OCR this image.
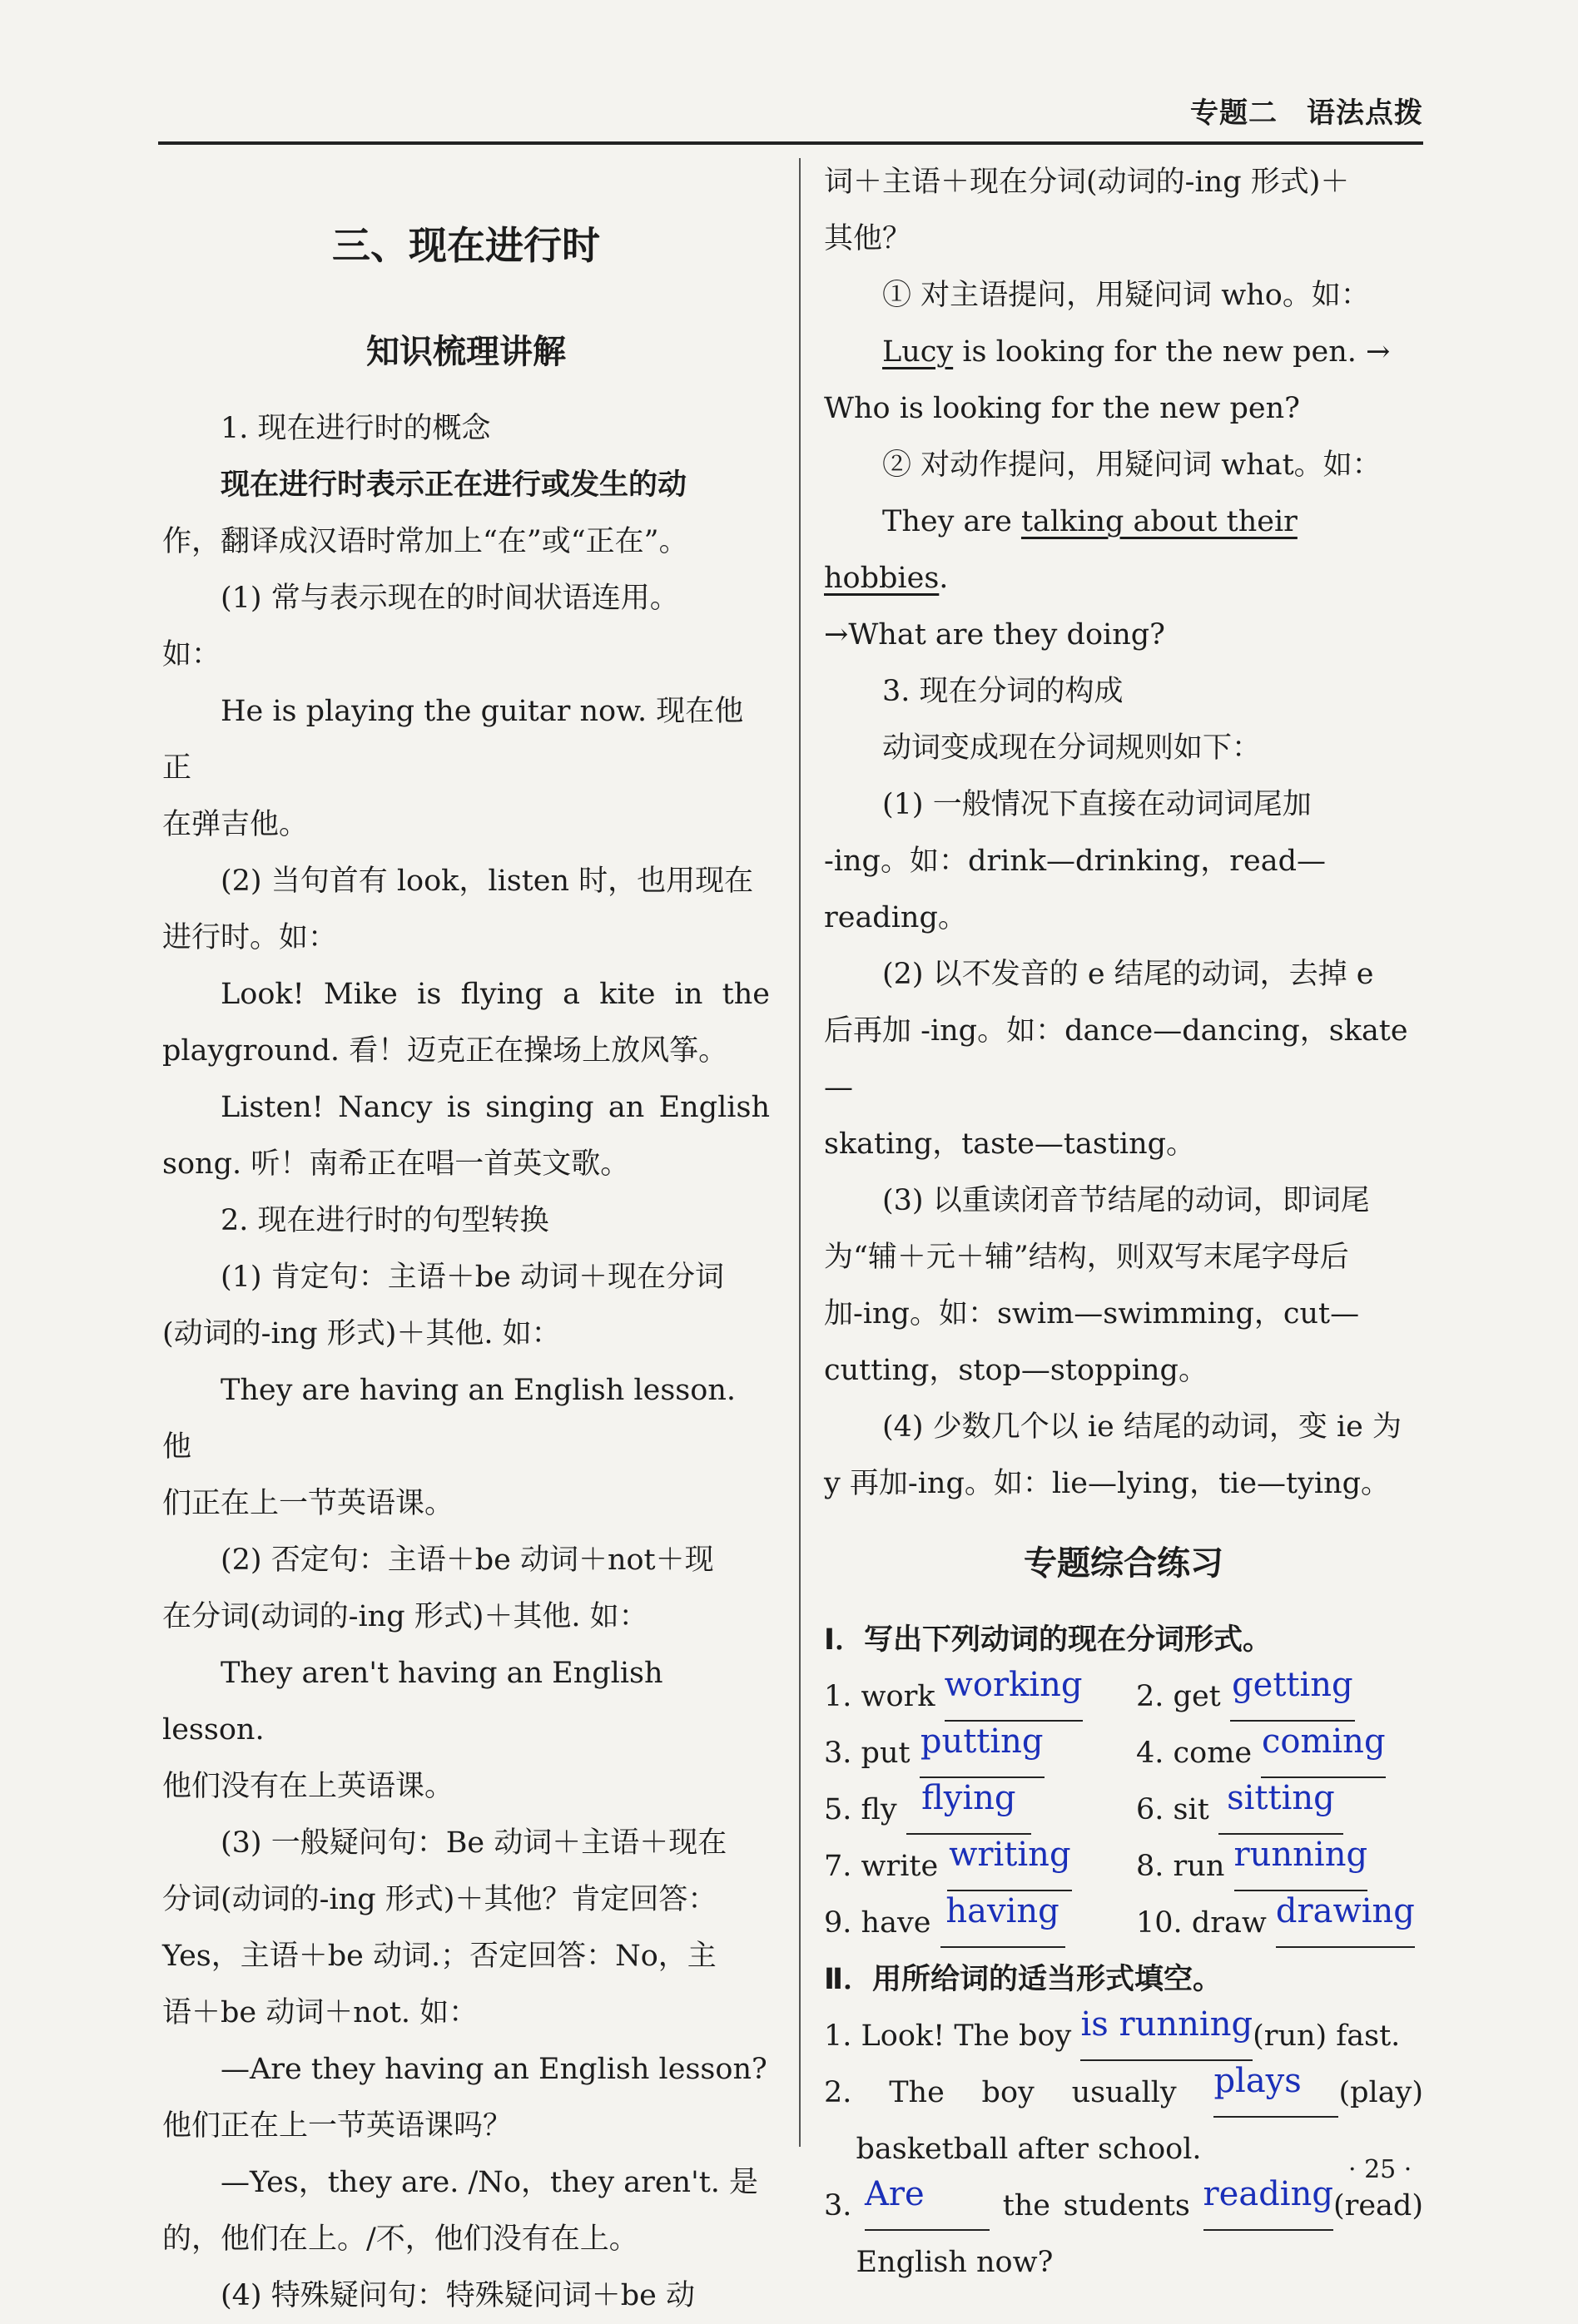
专题二　语法点拨

三、现在进行时

知识梳理讲解

1. 现在进行时的概念

现在进行时表示正在进行或发生的动

作，翻译成汉语时常加上“在”或“正在”。

(1) 常与表示现在的时间状语连用。

如：

He is playing the guitar now. 现在他正

在弹吉他。

(2) 当句首有 look，listen 时，也用现在

进行时。如：

Look! Mike is flying a kite in the

playground. 看！迈克正在操场上放风筝。

Listen! Nancy is singing an English

song. 听！南希正在唱一首英文歌。

2. 现在进行时的句型转换

(1) 肯定句：主语＋be 动词＋现在分词

(动词的-ing 形式)＋其他. 如：

They are having an English lesson. 他

们正在上一节英语课。

(2) 否定句：主语＋be 动词＋not＋现

在分词(动词的-ing 形式)＋其他. 如：

They aren't having an English lesson.

他们没有在上英语课。

(3) 一般疑问句：Be 动词＋主语＋现在

分词(动词的-ing 形式)＋其他？肯定回答：

Yes，主语＋be 动词.；否定回答：No，主

语＋be 动词＋not. 如：

—Are they having an English lesson?

他们正在上一节英语课吗？

—Yes，they are. /No，they aren't. 是

的，他们在上。/不，他们没有在上。

(4) 特殊疑问句：特殊疑问词＋be 动

词＋主语＋现在分词(动词的-ing 形式)＋

其他？

① 对主语提问，用疑问词 who。如：

Lucy is looking for the new pen. →

Who is looking for the new pen?

② 对动作提问，用疑问词 what。如：

They are talking about their hobbies.

→What are they doing?

3. 现在分词的构成

动词变成现在分词规则如下：

(1) 一般情况下直接在动词词尾加

-ing。如：drink—drinking，read—reading。

(2) 以不发音的 e 结尾的动词，去掉 e

后再加 -ing。如：dance—dancing，skate—

skating，taste—tasting。

(3) 以重读闭音节结尾的动词，即词尾

为“辅＋元＋辅”结构，则双写末尾字母后

加-ing。如：swim—swimming，cut—

cutting，stop—stopping。

(4) 少数几个以 ie 结尾的动词，变 ie 为

y 再加-ing。如：lie—lying，tie—tying。

专题综合练习

Ⅰ．写出下列动词的现在分词形式。

1. work working	2. get getting
3. put putting	4. come coming
5. fly flying	6. sit sitting
7. write writing	8. run running
9. have having	10. draw drawing

Ⅱ．用所给词的适当形式填空。

1. Look! The boy is running(run) fast.

2. The boy usually plays (play)

basketball after school.

3. Are	the students reading(read)

English now?

· 25 ·
